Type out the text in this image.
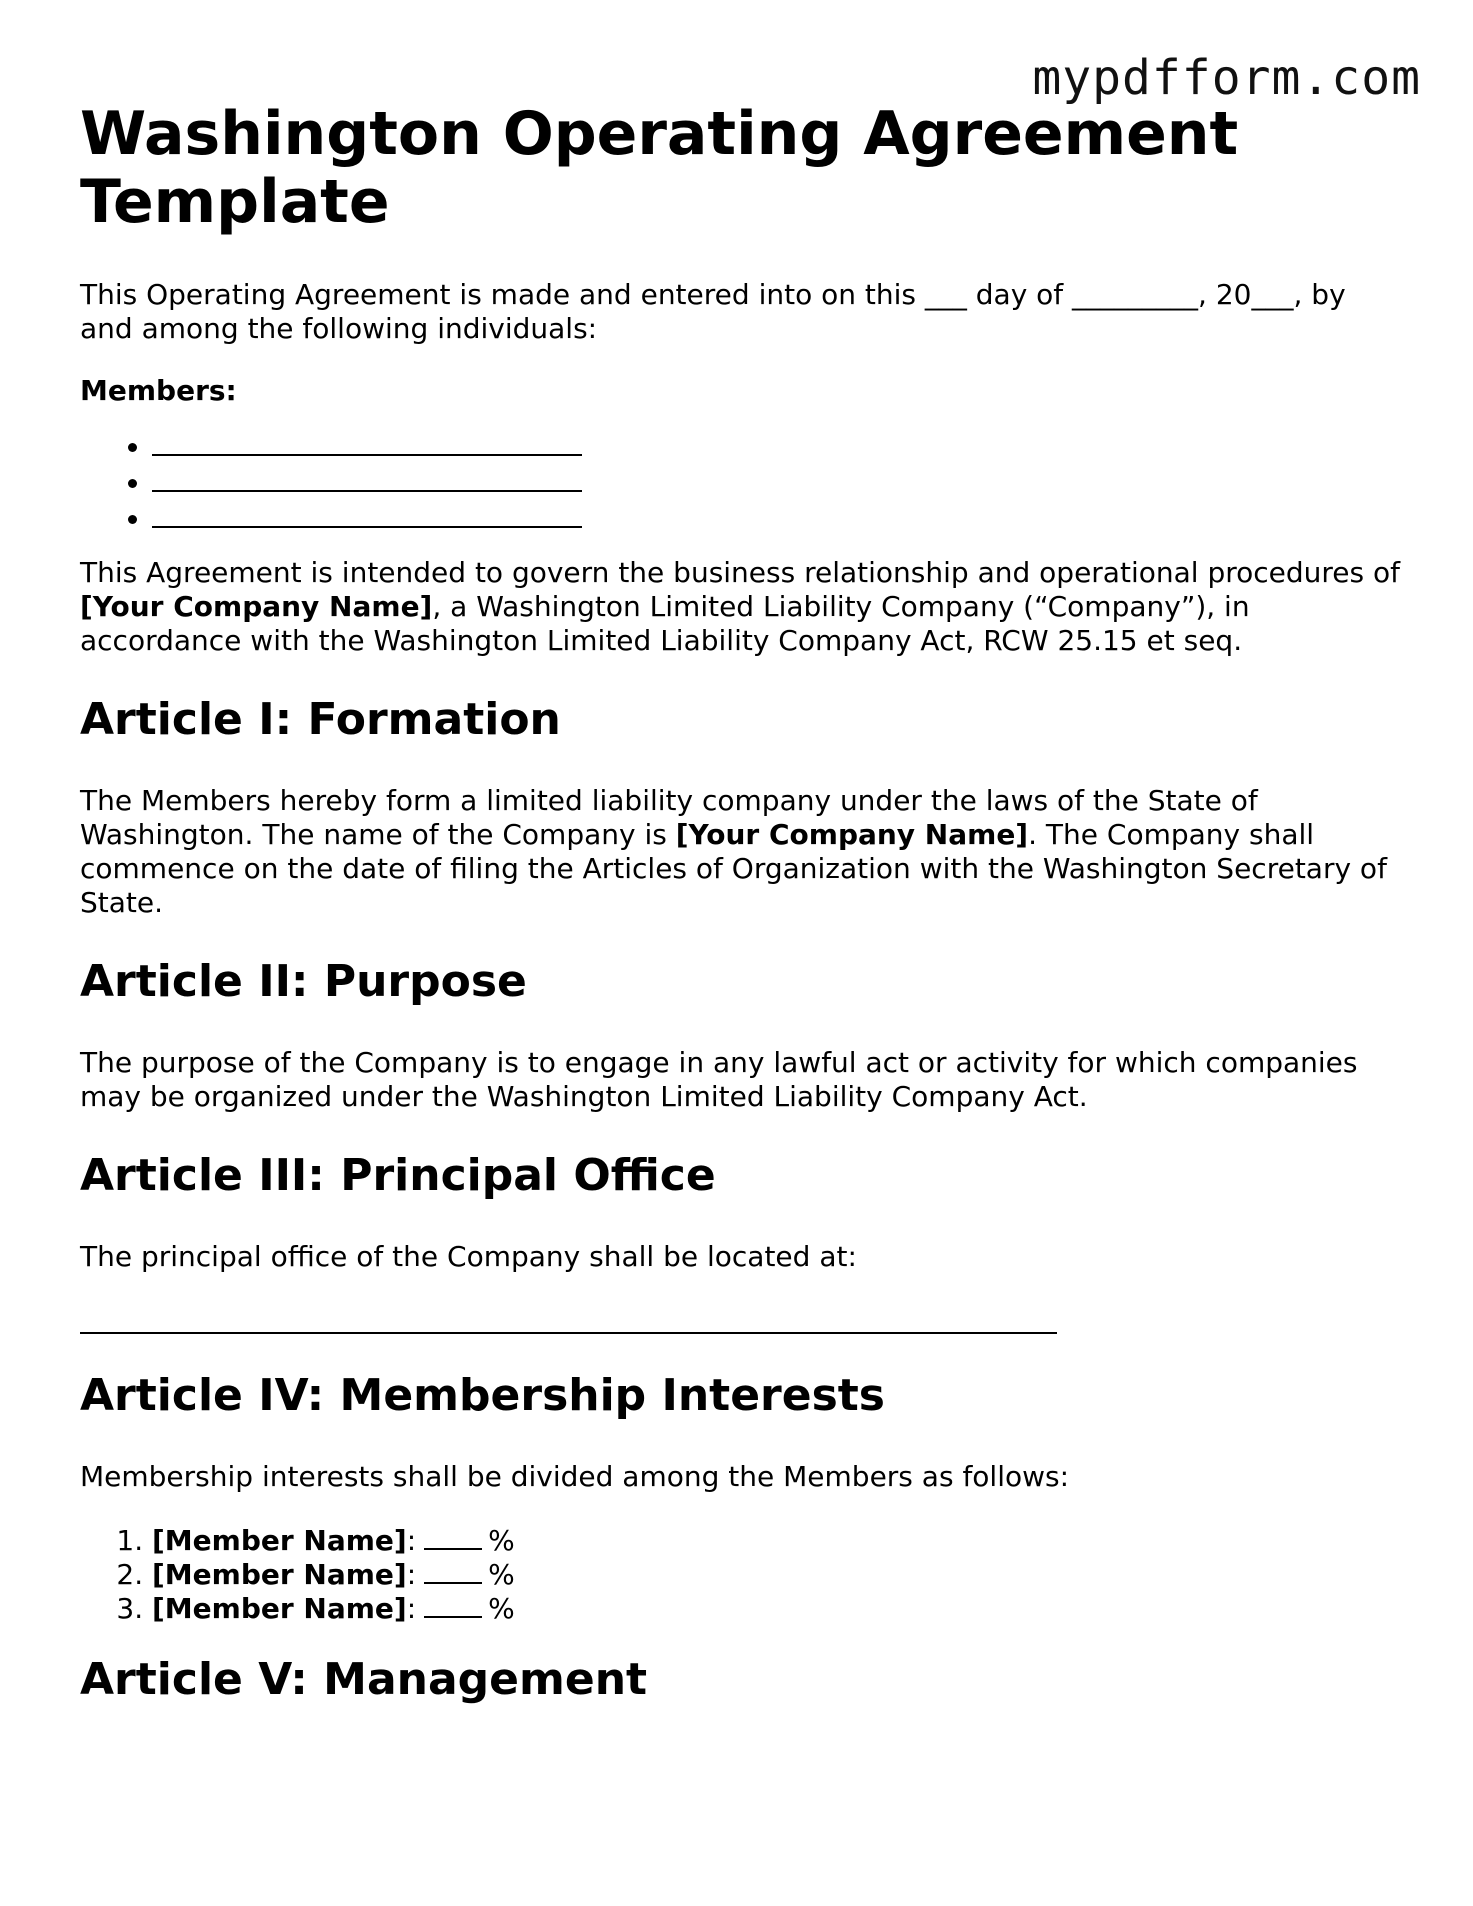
mypdfform.com
Washington Operating Agreement Template

This Operating Agreement is made and entered into on this ___ day of _________, 20___, by and among the following individuals:

Members:

•
•
•

This Agreement is intended to govern the business relationship and operational procedures of [Your Company Name], a Washington Limited Liability Company (“Company”), in accordance with the Washington Limited Liability Company Act, RCW 25.15 et seq.

Article I: Formation

The Members hereby form a limited liability company under the laws of the State of Washington. The name of the Company is [Your Company Name]. The Company shall commence on the date of filing the Articles of Organization with the Washington Secretary of State.

Article II: Purpose

The purpose of the Company is to engage in any lawful act or activity for which companies may be organized under the Washington Limited Liability Company Act.

Article III: Principal Office

The principal office of the Company shall be located at:

Article IV: Membership Interests

Membership interests shall be divided among the Members as follows:

1. [Member Name]:	%
2. [Member Name]:	%
3. [Member Name]:	%
Article V: Management
